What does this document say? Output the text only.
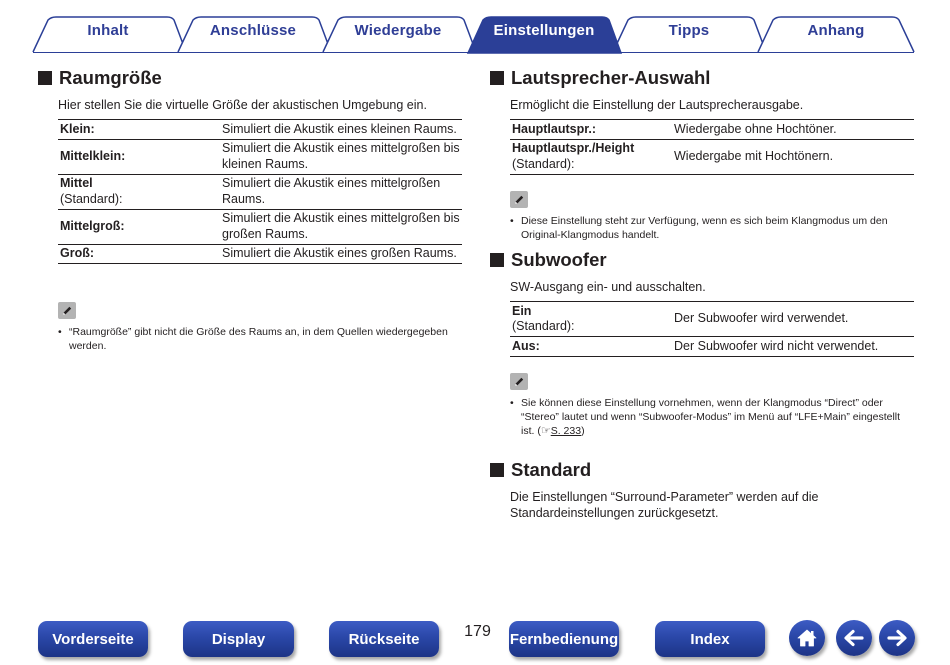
Inhalt	Anschlüsse	Wiedergabe	Einstellungen	Tipps	Anhang
Raumgröße
Hier stellen Sie die virtuelle Größe der akustischen Umgebung ein.
Klein:	Simuliert die Akustik eines kleinen Raums.
Mittelklein:	Simuliert die Akustik eines mittelgroßen bis kleinen Raums.
Mittel
(Standard):	Simuliert die Akustik eines mittelgroßen Raums.
Mittelgroß:	Simuliert die Akustik eines mittelgroßen bis großen Raums.
Groß:	Simuliert die Akustik eines großen Raums.
• “Raumgröße” gibt nicht die Größe des Raums an, in dem Quellen wiedergegeben werden.
Lautsprecher-Auswahl
Ermöglicht die Einstellung der Lautsprecherausgabe.
Hauptlautspr.:	Wiedergabe ohne Hochtöner.
Hauptlautspr./Height
(Standard):	Wiedergabe mit Hochtönern.
• Diese Einstellung steht zur Verfügung, wenn es sich beim Klangmodus um den Original-Klangmodus handelt.
Subwoofer
SW-Ausgang ein- und ausschalten.
Ein
(Standard):	Der Subwoofer wird verwendet.
Aus:	Der Subwoofer wird nicht verwendet.
• Sie können diese Einstellung vornehmen, wenn der Klangmodus “Direct” oder “Stereo” lautet und wenn “Subwoofer-Modus” im Menü auf “LFE+Main” eingestellt ist. (☞S. 233)
Standard
Die Einstellungen “Surround-Parameter” werden auf die Standardeinstellungen zurückgesetzt.
Vorderseite	Display	Rückseite	179	Fernbedienung	Index
